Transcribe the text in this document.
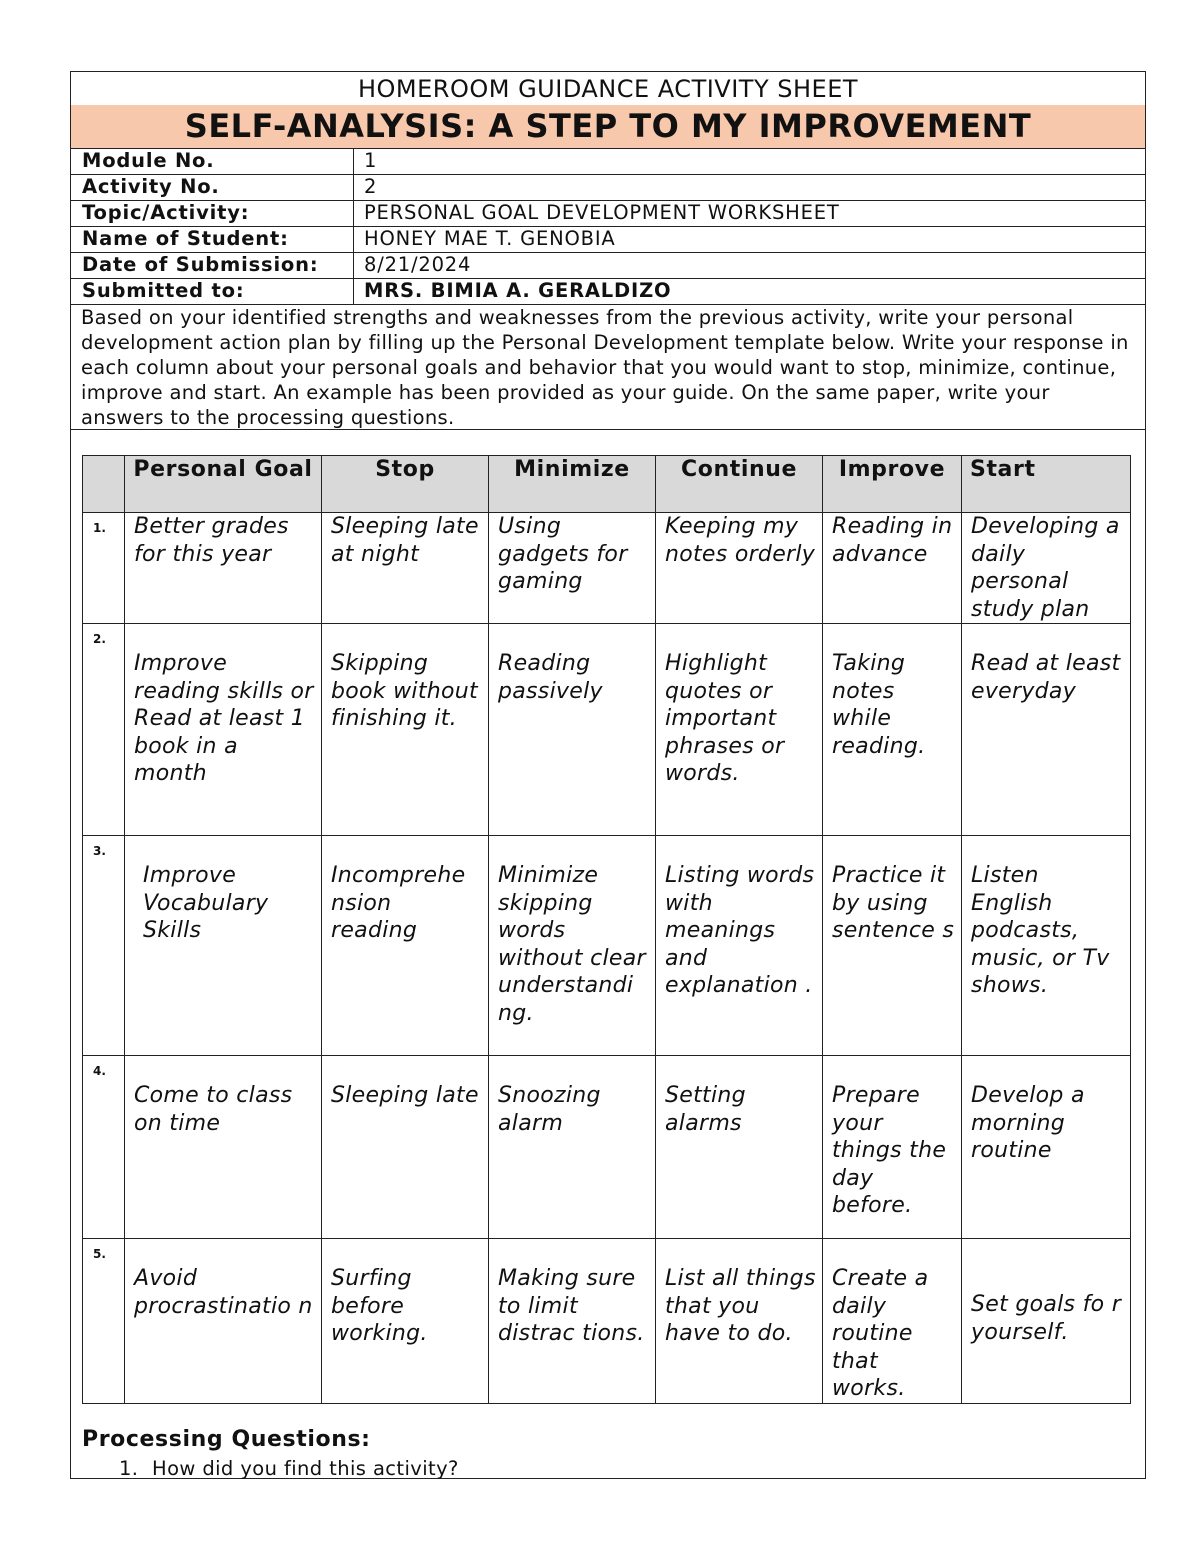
HOMEROOM GUIDANCE ACTIVITY SHEET
SELF-ANALYSIS: A STEP TO MY IMPROVEMENT
Module No.	1
Activity No.	2
Topic/Activity:	PERSONAL GOAL DEVELOPMENT WORKSHEET
Name of Student:	HONEY MAE T. GENOBIA
Date of Submission: 8/21/2024
Submitted to:	MRS. BIMIA A. GERALDIZO
Based on your identified strengths and weaknesses from the previous activity, write your personal development action plan by filling up the Personal Development template below. Write your response in each column about your personal goals and behavior that you would want to stop, minimize, continue, improve and start. An example has been provided as your guide. On the same paper, write your answers to the processing questions.
	Personal Goal	Stop	Minimize	Continue	Improve	Start
1.	Better grades for this year	Sleeping late at night	Using gadgets for gaming	Keeping my notes orderly	Reading in advance	Developing a daily personal study plan
2.	Improve reading skills or Read at least 1 book in a month	Skipping book without finishing it.	Reading passively	Highlight quotes or important phrases or words.	Taking notes while reading.	Read at least everyday
3.	Improve Vocabulary Skills	Incomprehe nsion reading	Minimize skipping words without clear understandi ng.	Listing words with meanings and explanation .	Practice it by using sentence s	Listen English podcasts, music, or Tv shows.
4.	Come to class on time	Sleeping late	Snoozing alarm	Setting alarms	Prepare your things the day before.	Develop a morning routine
5.	Avoid procrastinatio n	Surfing before working.	Making sure to limit distrac tions.	List all things that you have to do.	Create a daily routine that works.	Set goals fo r yourself.
Processing Questions:
1. How did you find this activity?
